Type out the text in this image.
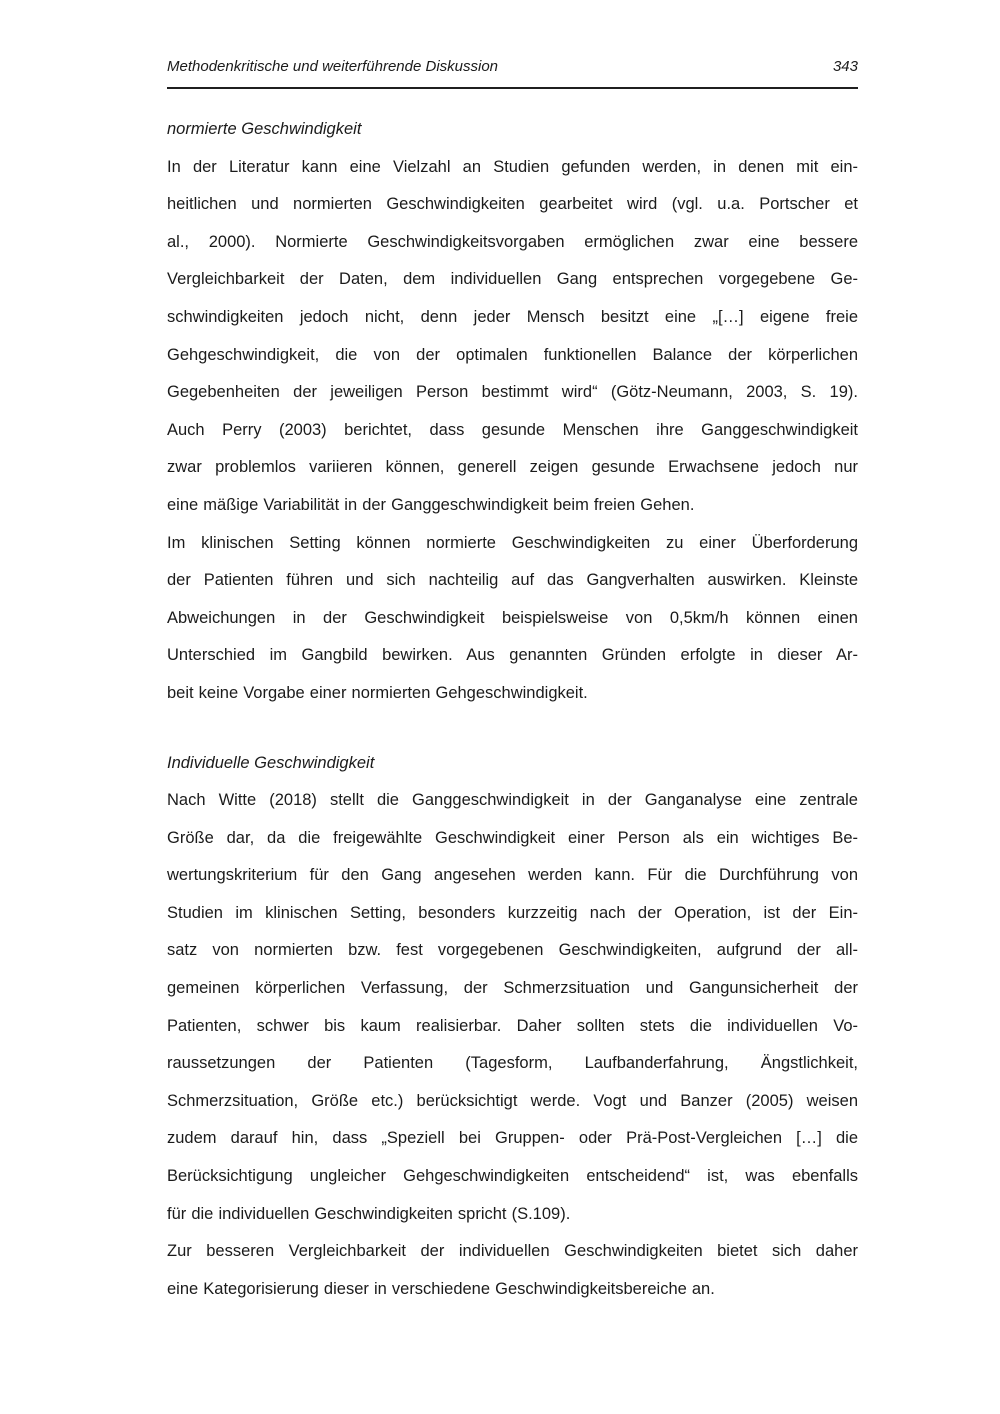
Methodenkritische und weiterführende Diskussion	343
normierte Geschwindigkeit
In der Literatur kann eine Vielzahl an Studien gefunden werden, in denen mit ein-
heitlichen und normierten Geschwindigkeiten gearbeitet wird (vgl. u.a. Portscher et
al., 2000). Normierte Geschwindigkeitsvorgaben ermöglichen zwar eine bessere
Vergleichbarkeit der Daten, dem individuellen Gang entsprechen vorgegebene Ge-
schwindigkeiten jedoch nicht, denn jeder Mensch besitzt eine „[…] eigene freie
Gehgeschwindigkeit, die von der optimalen funktionellen Balance der körperlichen
Gegebenheiten der jeweiligen Person bestimmt wird“ (Götz-Neumann, 2003, S. 19).
Auch Perry (2003) berichtet, dass gesunde Menschen ihre Ganggeschwindigkeit
zwar problemlos variieren können, generell zeigen gesunde Erwachsene jedoch nur
eine mäßige Variabilität in der Ganggeschwindigkeit beim freien Gehen.
Im klinischen Setting können normierte Geschwindigkeiten zu einer Überforderung
der Patienten führen und sich nachteilig auf das Gangverhalten auswirken. Kleinste
Abweichungen in der Geschwindigkeit beispielsweise von 0,5km/h können einen
Unterschied im Gangbild bewirken. Aus genannten Gründen erfolgte in dieser Ar-
beit keine Vorgabe einer normierten Gehgeschwindigkeit.
Individuelle Geschwindigkeit
Nach Witte (2018) stellt die Ganggeschwindigkeit in der Ganganalyse eine zentrale
Größe dar, da die freigewählte Geschwindigkeit einer Person als ein wichtiges Be-
wertungskriterium für den Gang angesehen werden kann. Für die Durchführung von
Studien im klinischen Setting, besonders kurzzeitig nach der Operation, ist der Ein-
satz von normierten bzw. fest vorgegebenen Geschwindigkeiten, aufgrund der all-
gemeinen körperlichen Verfassung, der Schmerzsituation und Gangunsicherheit der
Patienten, schwer bis kaum realisierbar. Daher sollten stets die individuellen Vo-
raussetzungen der Patienten (Tagesform, Laufbanderfahrung, Ängstlichkeit,
Schmerzsituation, Größe etc.) berücksichtigt werde. Vogt und Banzer (2005) weisen
zudem darauf hin, dass „Speziell bei Gruppen- oder Prä-Post-Vergleichen […] die
Berücksichtigung ungleicher Gehgeschwindigkeiten entscheidend“ ist, was ebenfalls
für die individuellen Geschwindigkeiten spricht (S.109).
Zur besseren Vergleichbarkeit der individuellen Geschwindigkeiten bietet sich daher
eine Kategorisierung dieser in verschiedene Geschwindigkeitsbereiche an.
